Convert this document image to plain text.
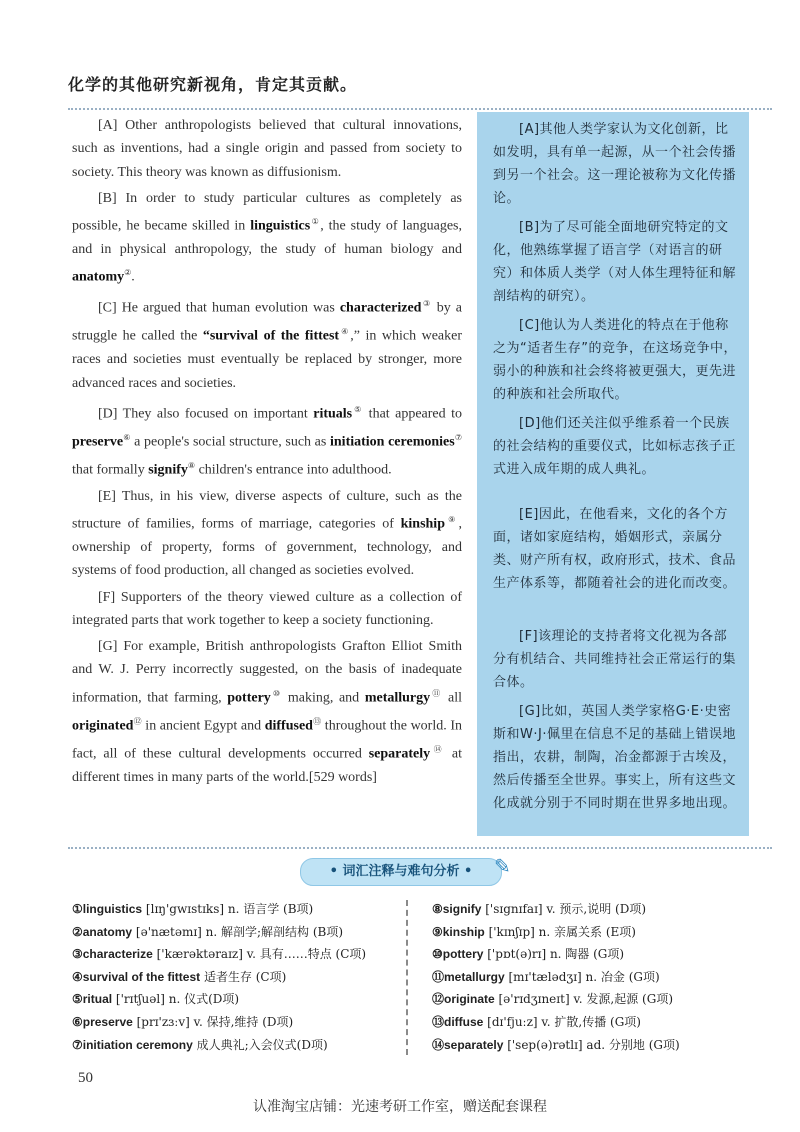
化学的其他研究新视角，肯定其贡献。

[A] Other anthropologists believed that cultural innovations, such as inventions, had a single origin and passed from society to society. This theory was known as diffusionism.

[B] In order to study particular cultures as completely as possible, he became skilled in linguistics①, the study of languages, and in physical anthropology, the study of human biology and anatomy②.

[C] He argued that human evolution was characterized③ by a struggle he called the “survival of the fittest④,” in which weaker races and societies must eventually be replaced by stronger, more advanced races and societies.

[D] They also focused on important rituals⑤ that appeared to preserve⑥ a people's social structure, such as initiation ceremonies⑦ that formally signify⑧ children's entrance into adulthood.

[E] Thus, in his view, diverse aspects of culture, such as the structure of families, forms of marriage, categories of kinship⑨, ownership of property, forms of government, technology, and systems of food production, all changed as societies evolved.

[F] Supporters of the theory viewed culture as a collection of integrated parts that work together to keep a society functioning.

[G] For example, British anthropologists Grafton Elliot Smith and W. J. Perry incorrectly suggested, on the basis of inadequate information, that farming, pottery⑩ making, and metallurgy⑪ all originated⑫ in ancient Egypt and diffused⑬ throughout the world. In fact, all of these cultural developments occurred separately⑭ at different times in many parts of the world.[529 words]

[A]其他人类学家认为文化创新，比如发明，具有单一起源，从一个社会传播到另一个社会。这一理论被称为文化传播论。

[B]为了尽可能全面地研究特定的文化，他熟练掌握了语言学（对语言的研究）和体质人类学（对人体生理特征和解剖结构的研究）。

[C]他认为人类进化的特点在于他称之为“适者生存”的竞争，在这场竞争中，弱小的种族和社会终将被更强大，更先进的种族和社会所取代。

[D]他们还关注似乎维系着一个民族的社会结构的重要仪式，比如标志孩子正式进入成年期的成人典礼。

[E]因此，在他看来，文化的各个方面，诸如家庭结构，婚姻形式，亲属分类、财产所有权，政府形式，技术、食品生产体系等，都随着社会的进化而改变。

[F]该理论的支持者将文化视为各部分有机结合、共同维持社会正常运行的集合体。

[G]比如，英国人类学家格G·E·史密斯和W·J·佩里在信息不足的基础上错误地指出，农耕，制陶，冶金都源于古埃及，然后传播至全世界。事实上，所有这些文化成就分别于不同时期在世界多地出现。

• 词汇注释与难句分析 •	✎
①linguistics [lɪŋ'gwɪstɪks] n. 语言学 (B项)
②anatomy [ə'nætəmɪ] n. 解剖学;解剖结构 (B项)
③characterize ['kærəktəraɪz] v. 具有……特点 (C项)
④survival of the fittest 适者生存 (C项)
⑤ritual ['rɪtʃuəl] n. 仪式(D项)
⑥preserve [prɪ'zɜːv] v. 保持,维持 (D项)
⑦initiation ceremony 成人典礼;入会仪式(D项)
⑧signify ['sɪgnɪfaɪ] v. 预示,说明 (D项)
⑨kinship ['kɪnʃɪp] n. 亲属关系 (E项)
⑩pottery ['pɒt(ə)rɪ] n. 陶器 (G项)
⑪metallurgy [mɪ'tælədʒɪ] n. 冶金 (G项)
⑫originate [ə'rɪdʒɪneɪt] v. 发源,起源 (G项)
⑬diffuse [dɪ'fjuːz] v. 扩散,传播 (G项)
⑭separately ['sep(ə)rətlɪ] ad. 分别地 (G项)
50
认准淘宝店铺：光速考研工作室，赠送配套课程
